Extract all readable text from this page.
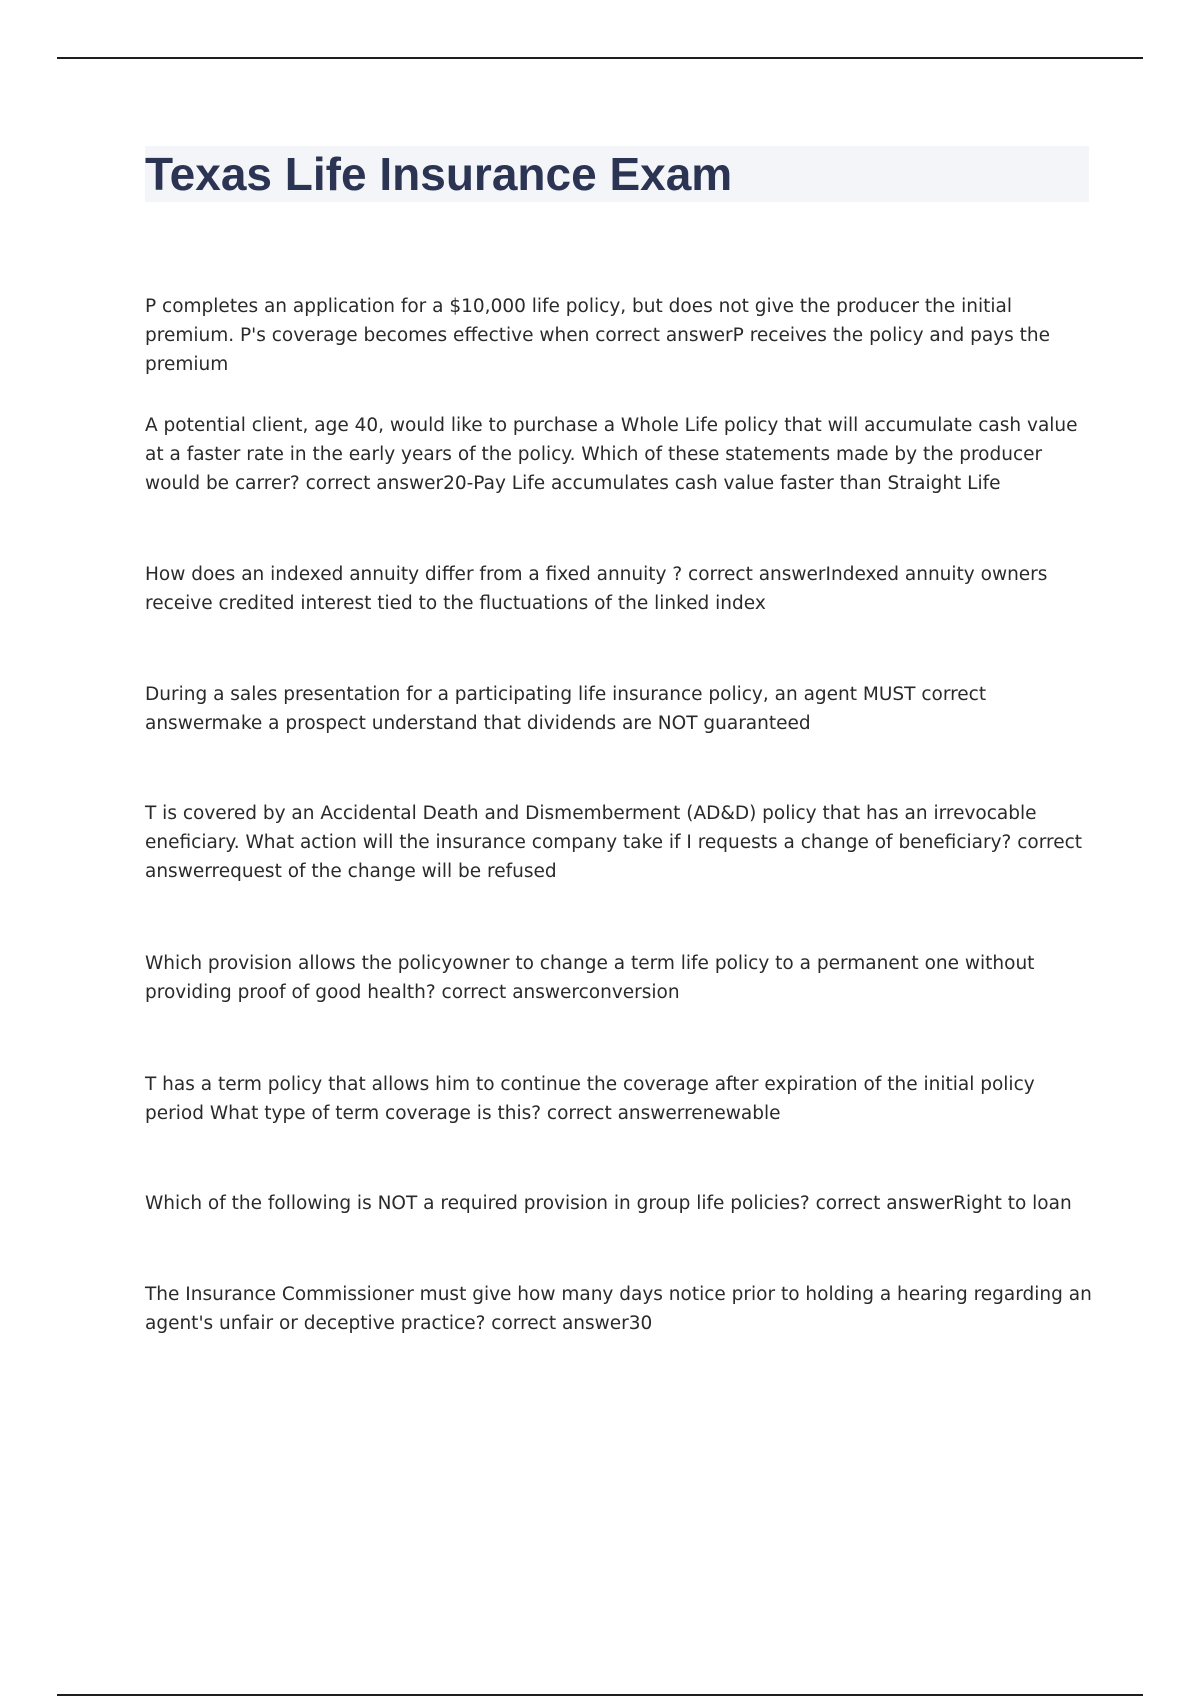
Texas Life Insurance Exam

P completes an application for a $10,000 life policy, but does not give the producer the initial premium. P's coverage becomes effective when correct answerP receives the policy and pays the premium

A potential client, age 40, would like to purchase a Whole Life policy that will accumulate cash value at a faster rate in the early years of the policy. Which of these statements made by the producer would be carrer? correct answer20-Pay Life accumulates cash value faster than Straight Life

How does an indexed annuity differ from a fixed annuity ? correct answerIndexed annuity owners receive credited interest tied to the fluctuations of the linked index

During a sales presentation for a participating life insurance policy, an agent MUST correct answermake a prospect understand that dividends are NOT guaranteed

T is covered by an Accidental Death and Dismemberment (AD&D) policy that has an irrevocable eneficiary. What action will the insurance company take if I requests a change of beneficiary? correct answerrequest of the change will be refused

Which provision allows the policyowner to change a term life policy to a permanent one without providing proof of good health? correct answerconversion

T has a term policy that allows him to continue the coverage after expiration of the initial policy period What type of term coverage is this? correct answerrenewable

Which of the following is NOT a required provision in group life policies? correct answerRight to loan

The Insurance Commissioner must give how many days notice prior to holding a hearing regarding an agent's unfair or deceptive practice? correct answer30
